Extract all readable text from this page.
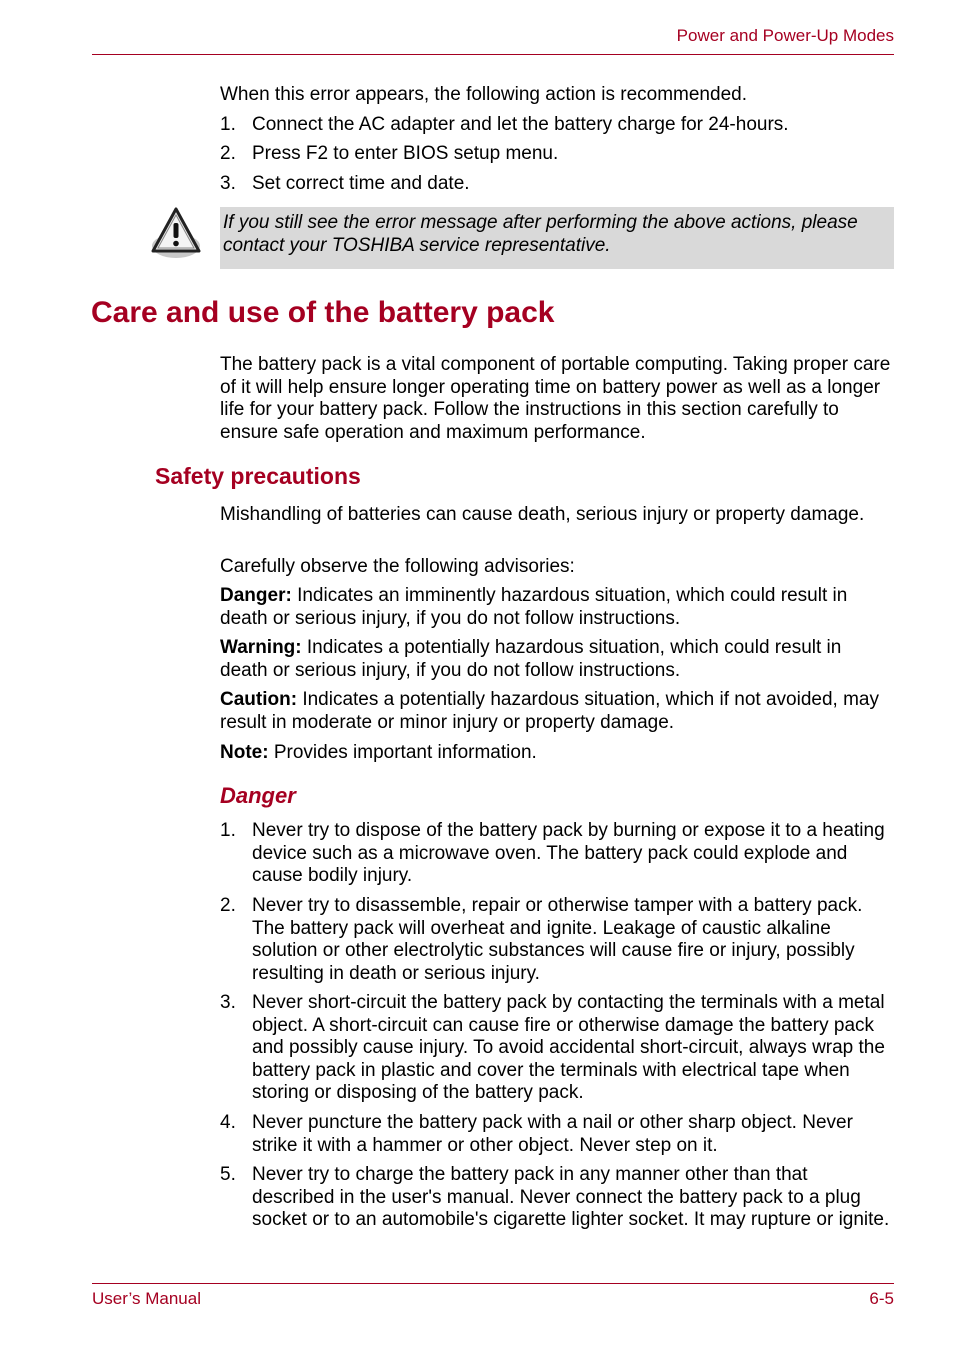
Power and Power-Up Modes

When this error appears, the following action is recommended.

1. Connect the AC adapter and let the battery charge for 24-hours.
2. Press F2 to enter BIOS setup menu.
3. Set correct time and date.
If you still see the error message after performing the above actions, please contact your TOSHIBA service representative.
Care and use of the battery pack

The battery pack is a vital component of portable computing. Taking proper care of it will help ensure longer operating time on battery power as well as a longer life for your battery pack. Follow the instructions in this section carefully to ensure safe operation and maximum performance.

Safety precautions

Mishandling of batteries can cause death, serious injury or property damage.

Carefully observe the following advisories:

Danger: Indicates an imminently hazardous situation, which could result in death or serious injury, if you do not follow instructions.

Warning: Indicates a potentially hazardous situation, which could result in death or serious injury, if you do not follow instructions.

Caution: Indicates a potentially hazardous situation, which if not avoided, may result in moderate or minor injury or property damage.

Note: Provides important information.

Danger
1. Never try to dispose of the battery pack by burning or expose it to a heating device such as a microwave oven. The battery pack could explode and cause bodily injury.
2. Never try to disassemble, repair or otherwise tamper with a battery pack. The battery pack will overheat and ignite. Leakage of caustic alkaline solution or other electrolytic substances will cause fire or injury, possibly resulting in death or serious injury.
3. Never short-circuit the battery pack by contacting the terminals with a metal object. A short-circuit can cause fire or otherwise damage the battery pack and possibly cause injury. To avoid accidental short-circuit, always wrap the battery pack in plastic and cover the terminals with electrical tape when storing or disposing of the battery pack.
4. Never puncture the battery pack with a nail or other sharp object. Never strike it with a hammer or other object. Never step on it.
5. Never try to charge the battery pack in any manner other than that described in the user's manual. Never connect the battery pack to a plug socket or to an automobile's cigarette lighter socket. It may rupture or ignite.
User’s Manual	6-5
